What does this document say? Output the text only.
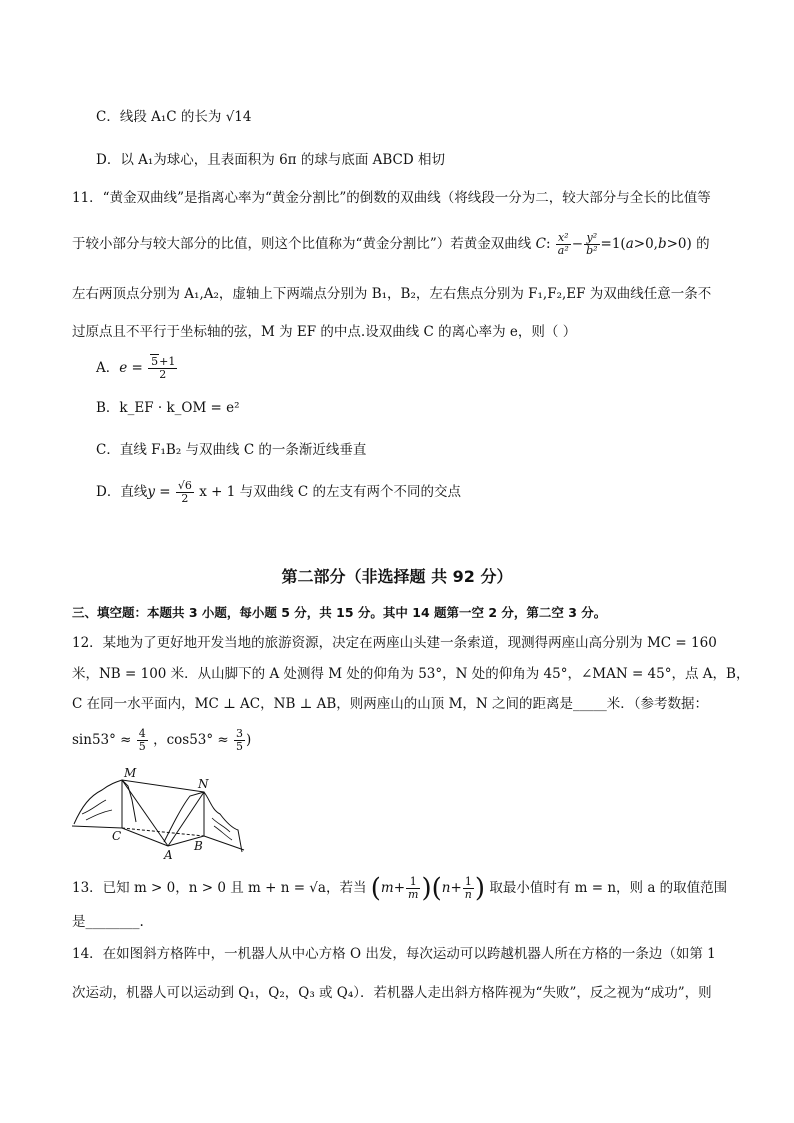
C．线段 A₁C 的长为 √14
D．以 A₁为球心，且表面积为 6π 的球与底面 ABCD 相切
11．“黄金双曲线”是指离心率为“黄金分割比”的倒数的双曲线（将线段一分为二，较大部分与全长的比值等
于较小部分与较大部分的比值，则这个比值称为“黄金分割比”）若黄金双曲线 C: $\frac{\text{x²}}{\text{a²}} - \frac{\text{y²}}{\text{b²}} =1(a>0,b>0)$ 的
左右两顶点分别为 A₁,A₂，虚轴上下两端点分别为 B₁，B₂，左右焦点分别为 F₁,F₂,EF 为双曲线任意一条不
过原点且不平行于坐标轴的弦，M 为 EF 的中点.设双曲线 C 的离心率为 e，则（ ）
A．$e = \frac{5+1}{2}$
B．k_EF · k_OM = e²
C．直线 F₁B₂ 与双曲线 C 的一条渐近线垂直
D．直线$y = \frac{√6}{2}$ x + 1 与双曲线 C 的左支有两个不同的交点
第二部分（非选择题 共 92 分）
三、填空题：本题共 3 小题，每小题 5 分，共 15 分。其中 14 题第一空 2 分，第二空 3 分。
12．某地为了更好地开发当地的旅游资源，决定在两座山头建一条索道，现测得两座山高分别为 MC = 160
米，NB = 100 米．从山脚下的 A 处测得 M 处的仰角为 53°，N 处的仰角为 45°，∠MAN = 45°，点 A，B，
C 在同一水平面内，MC ⊥ AC，NB ⊥ AB，则两座山的山顶 M，N 之间的距离是_____米．（参考数据：
$\sin 53^\circ \approx \frac{4}{5}$ ，$\cos 53^\circ \approx \frac{3}{5}$ )
M
N
C
A
B
13．已知 m > 0，n > 0 且 m + n = √a，若当 $(m+ \frac{1}{m} )(n+ \frac{1}{n}$ ) 取最小值时有 m = n，则 a 的取值范围
是________.
14．在如图斜方格阵中，一机器人从中心方格 O 出发，每次运动可以跨越机器人所在方格的一条边（如第 1
次运动，机器人可以运动到 Q₁，Q₂，Q₃ 或 Q₄）．若机器人走出斜方格阵视为“失败”，反之视为“成功”，则
